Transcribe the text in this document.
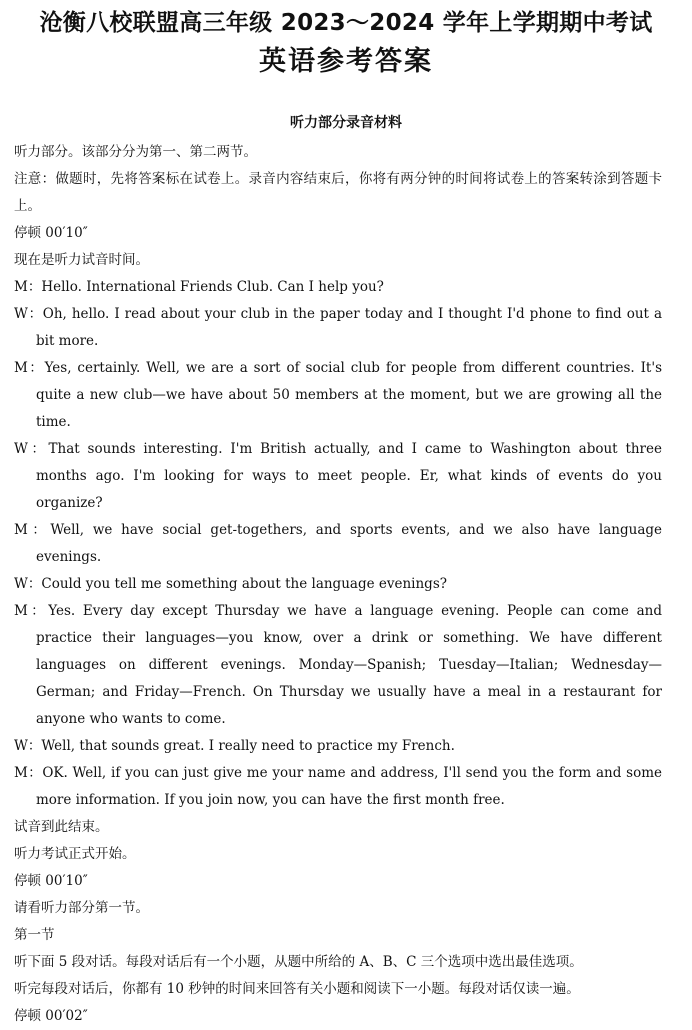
沧衡八校联盟高三年级 2023～2024 学年上学期期中考试
英语参考答案
听力部分录音材料

听力部分。该部分分为第一、第二两节。

注意：做题时，先将答案标在试卷上。录音内容结束后，你将有两分钟的时间将试卷上的答案转涂到答题卡上。

停顿 00′10″

现在是听力试音时间。

M：Hello. International Friends Club. Can I help you?

W：Oh, hello. I read about your club in the paper today and I thought I'd phone to find out a bit more.

M：Yes, certainly. Well, we are a sort of social club for people from different countries. It's quite a new club—we have about 50 members at the moment, but we are growing all the time.

W：That sounds interesting. I'm British actually, and I came to Washington about three months ago. I'm looking for ways to meet people. Er, what kinds of events do you organize?

M：Well, we have social get-togethers, and sports events, and we also have language evenings.

W：Could you tell me something about the language evenings?

M：Yes. Every day except Thursday we have a language evening. People can come and practice their languages—you know, over a drink or something. We have different languages on different evenings. Monday—Spanish; Tuesday—Italian; Wednesday—German; and Friday—French. On Thursday we usually have a meal in a restaurant for anyone who wants to come.

W：Well, that sounds great. I really need to practice my French.

M：OK. Well, if you can just give me your name and address, I'll send you the form and some more information. If you join now, you can have the first month free.

试音到此结束。

听力考试正式开始。

停顿 00′10″

请看听力部分第一节。

第一节

听下面 5 段对话。每段对话后有一个小题，从题中所给的 A、B、C 三个选项中选出最佳选项。

听完每段对话后，你都有 10 秒钟的时间来回答有关小题和阅读下一小题。每段对话仅读一遍。

停顿 00′02″
